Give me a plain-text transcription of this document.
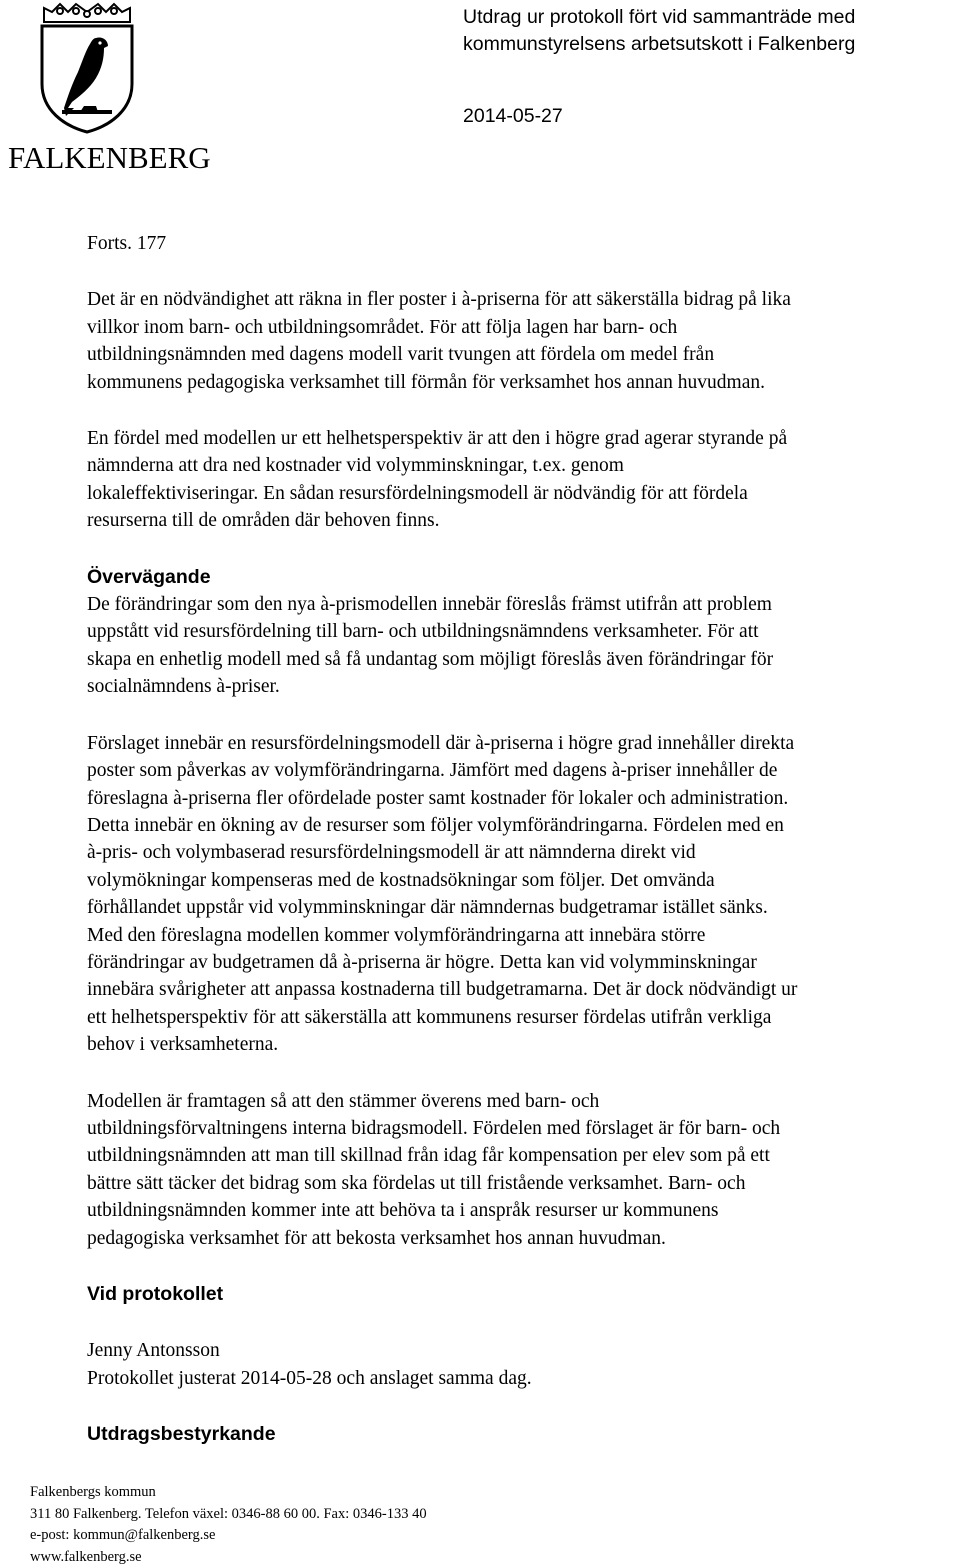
FALKENBERG
Utdrag ur protokoll fört vid sammanträde med
kommunstyrelsens arbetsutskott i Falkenberg
2014-05-27

Forts. 177

Det är en nödvändighet att räkna in fler poster i à-priserna för att säkerställa bidrag på lika

villkor inom barn- och utbildningsområdet. För att följa lagen har barn- och

utbildningsnämnden med dagens modell varit tvungen att fördela om medel från

kommunens pedagogiska verksamhet till förmån för verksamhet hos annan huvudman.

En fördel med modellen ur ett helhetsperspektiv är att den i högre grad agerar styrande på

nämnderna att dra ned kostnader vid volymminskningar, t.ex. genom

lokaleffektiviseringar. En sådan resursfördelningsmodell är nödvändig för att fördela

resurserna till de områden där behoven finns.

Övervägande

De förändringar som den nya à-prismodellen innebär föreslås främst utifrån att problem

uppstått vid resursfördelning till barn- och utbildningsnämndens verksamheter. För att

skapa en enhetlig modell med så få undantag som möjligt föreslås även förändringar för

socialnämndens à-priser.

Förslaget innebär en resursfördelningsmodell där à-priserna i högre grad innehåller direkta

poster som påverkas av volymförändringarna. Jämfört med dagens à-priser innehåller de

föreslagna à-priserna fler ofördelade poster samt kostnader för lokaler och administration.

Detta innebär en ökning av de resurser som följer volymförändringarna. Fördelen med en

à-pris- och volymbaserad resursfördelningsmodell är att nämnderna direkt vid

volymökningar kompenseras med de kostnadsökningar som följer. Det omvända

förhållandet uppstår vid volymminskningar där nämndernas budgetramar istället sänks.

Med den föreslagna modellen kommer volymförändringarna att innebära större

förändringar av budgetramen då à-priserna är högre. Detta kan vid volymminskningar

innebära svårigheter att anpassa kostnaderna till budgetramarna. Det är dock nödvändigt ur

ett helhetsperspektiv för att säkerställa att kommunens resurser fördelas utifrån verkliga

behov i verksamheterna.

Modellen är framtagen så att den stämmer överens med barn- och

utbildningsförvaltningens interna bidragsmodell. Fördelen med förslaget är för barn- och

utbildningsnämnden att man till skillnad från idag får kompensation per elev som på ett

bättre sätt täcker det bidrag som ska fördelas ut till fristående verksamhet. Barn- och

utbildningsnämnden kommer inte att behöva ta i anspråk resurser ur kommunens

pedagogiska verksamhet för att bekosta verksamhet hos annan huvudman.

Vid protokollet

Jenny Antonsson

Protokollet justerat 2014-05-28 och anslaget samma dag.

Utdragsbestyrkande

Falkenbergs kommun
311 80 Falkenberg. Telefon växel: 0346-88 60 00. Fax: 0346-133 40
e-post: kommun@falkenberg.se
www.falkenberg.se
